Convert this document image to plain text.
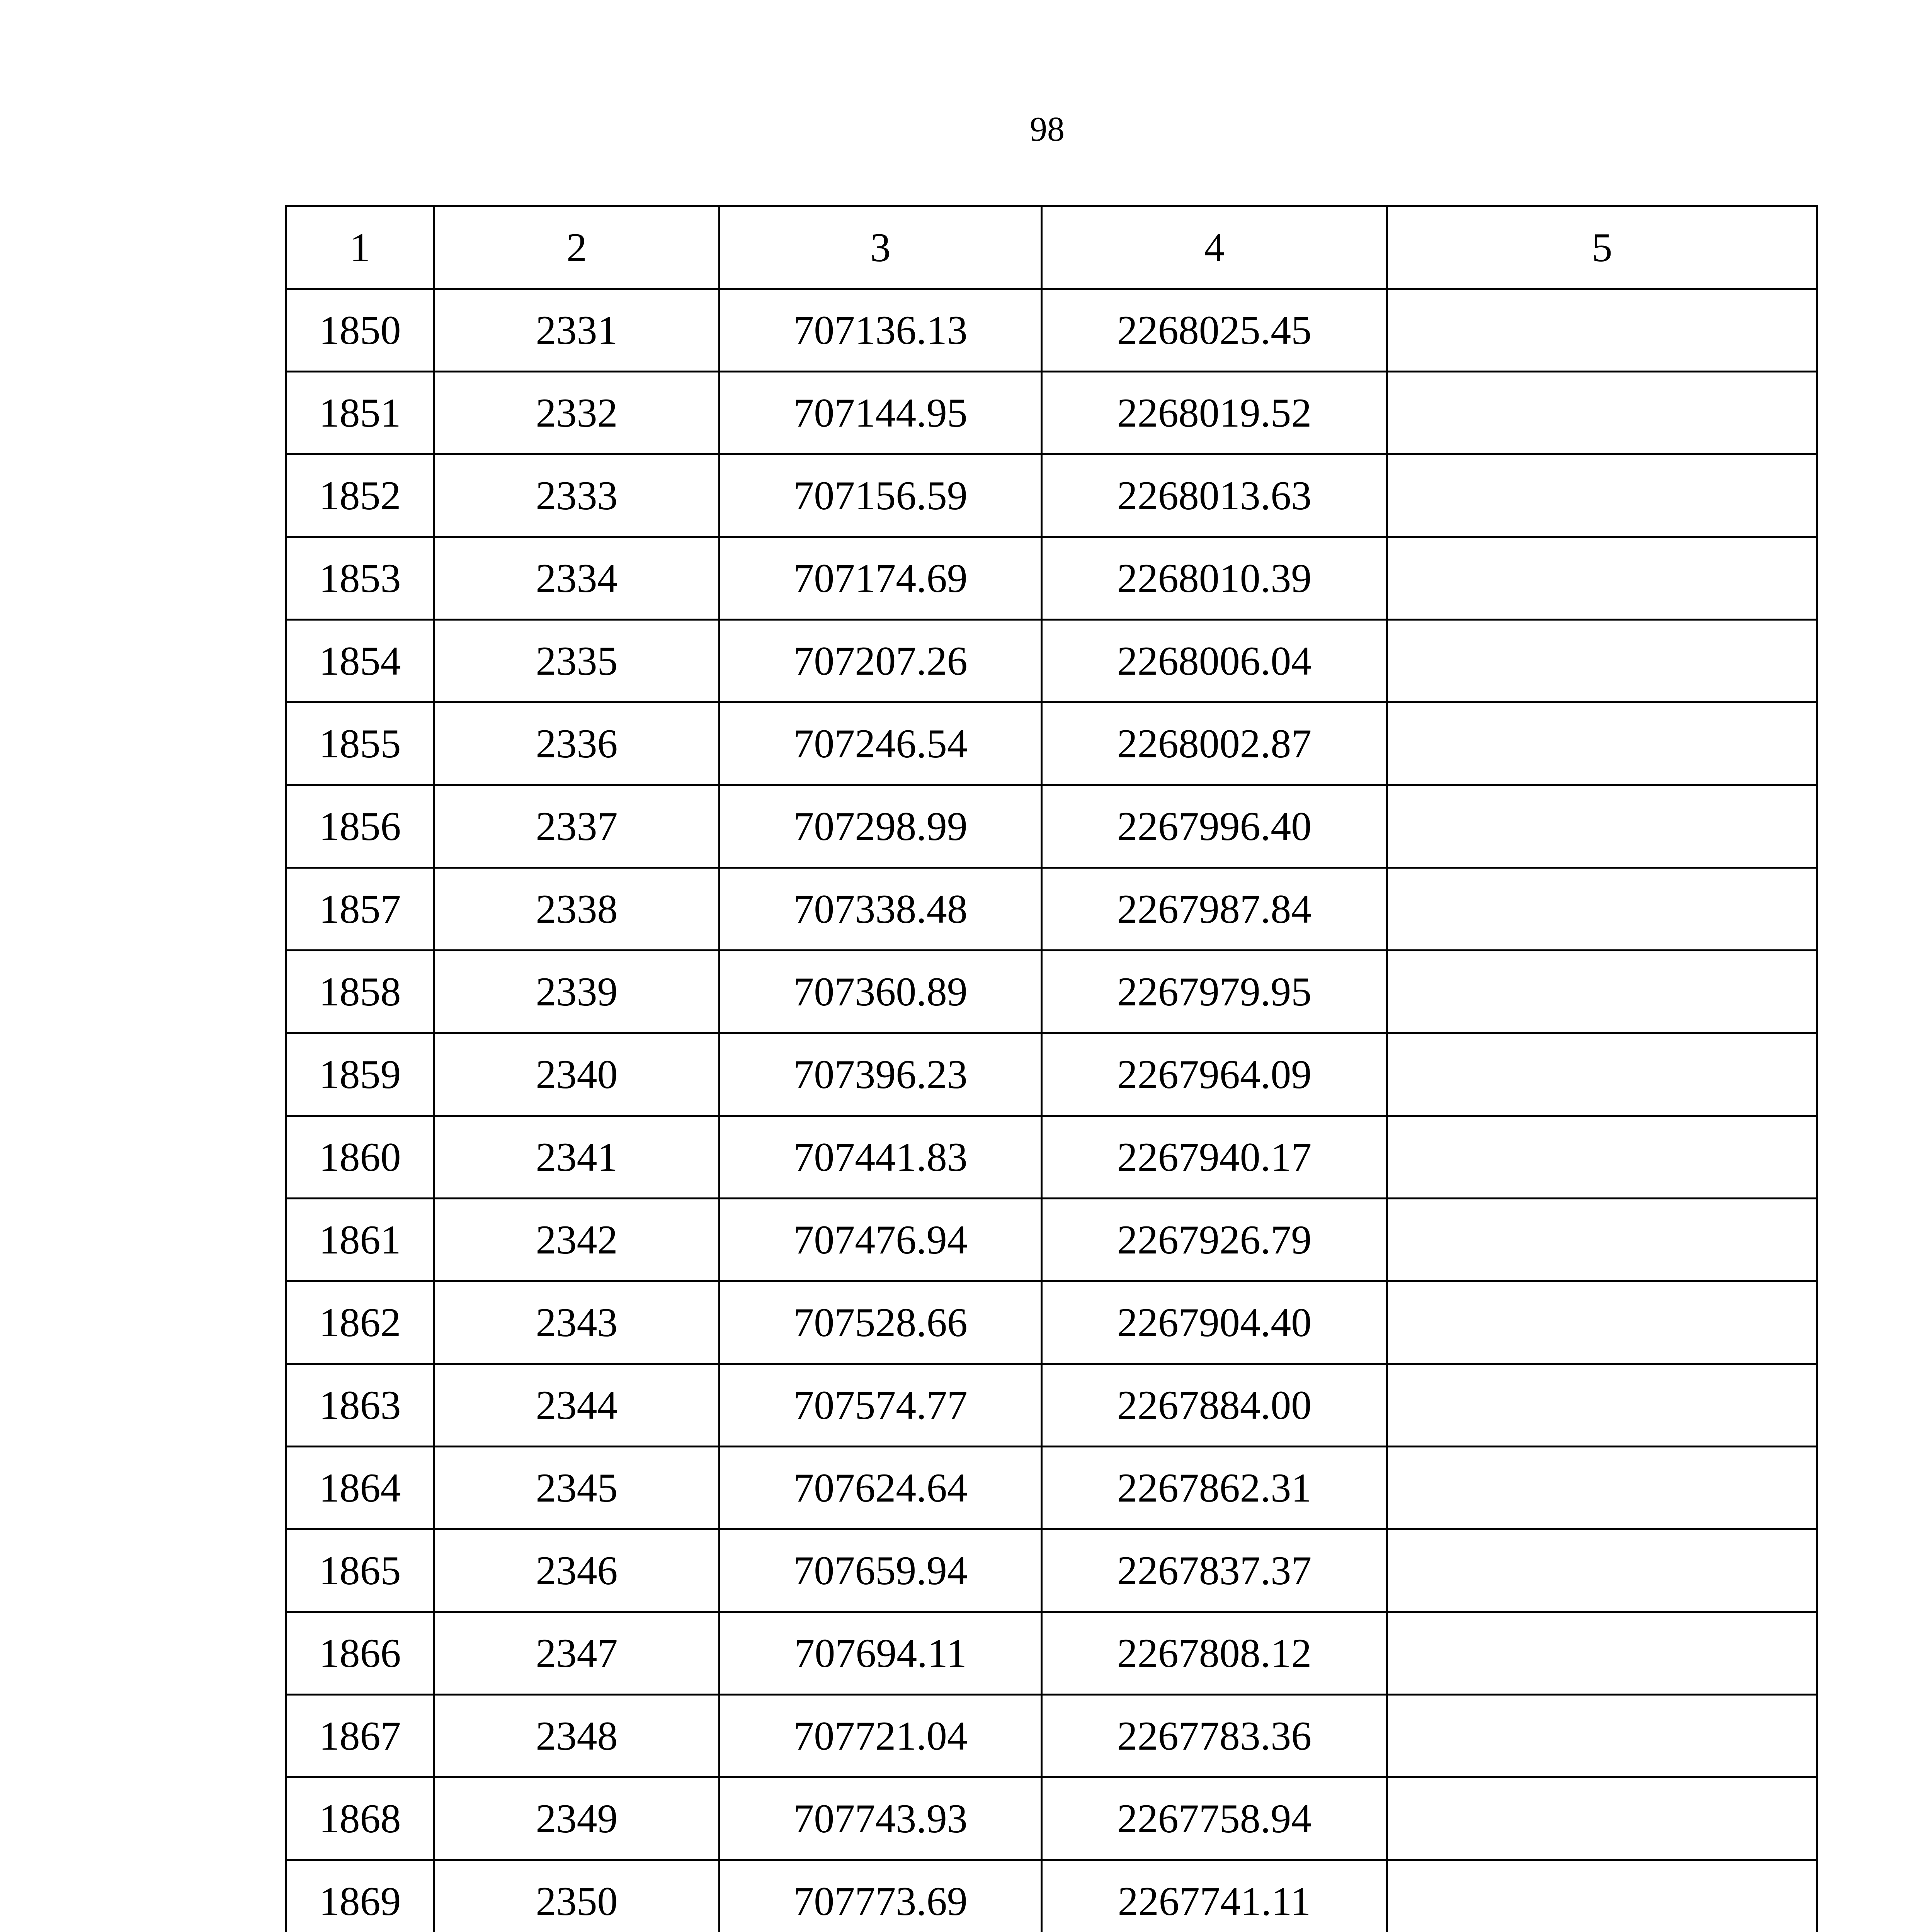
98
1	2	3	4	5
1850	2331	707136.13	2268025.45	
1851	2332	707144.95	2268019.52	
1852	2333	707156.59	2268013.63	
1853	2334	707174.69	2268010.39	
1854	2335	707207.26	2268006.04	
1855	2336	707246.54	2268002.87	
1856	2337	707298.99	2267996.40	
1857	2338	707338.48	2267987.84	
1858	2339	707360.89	2267979.95	
1859	2340	707396.23	2267964.09	
1860	2341	707441.83	2267940.17	
1861	2342	707476.94	2267926.79	
1862	2343	707528.66	2267904.40	
1863	2344	707574.77	2267884.00	
1864	2345	707624.64	2267862.31	
1865	2346	707659.94	2267837.37	
1866	2347	707694.11	2267808.12	
1867	2348	707721.04	2267783.36	
1868	2349	707743.93	2267758.94	
1869	2350	707773.69	2267741.11	
